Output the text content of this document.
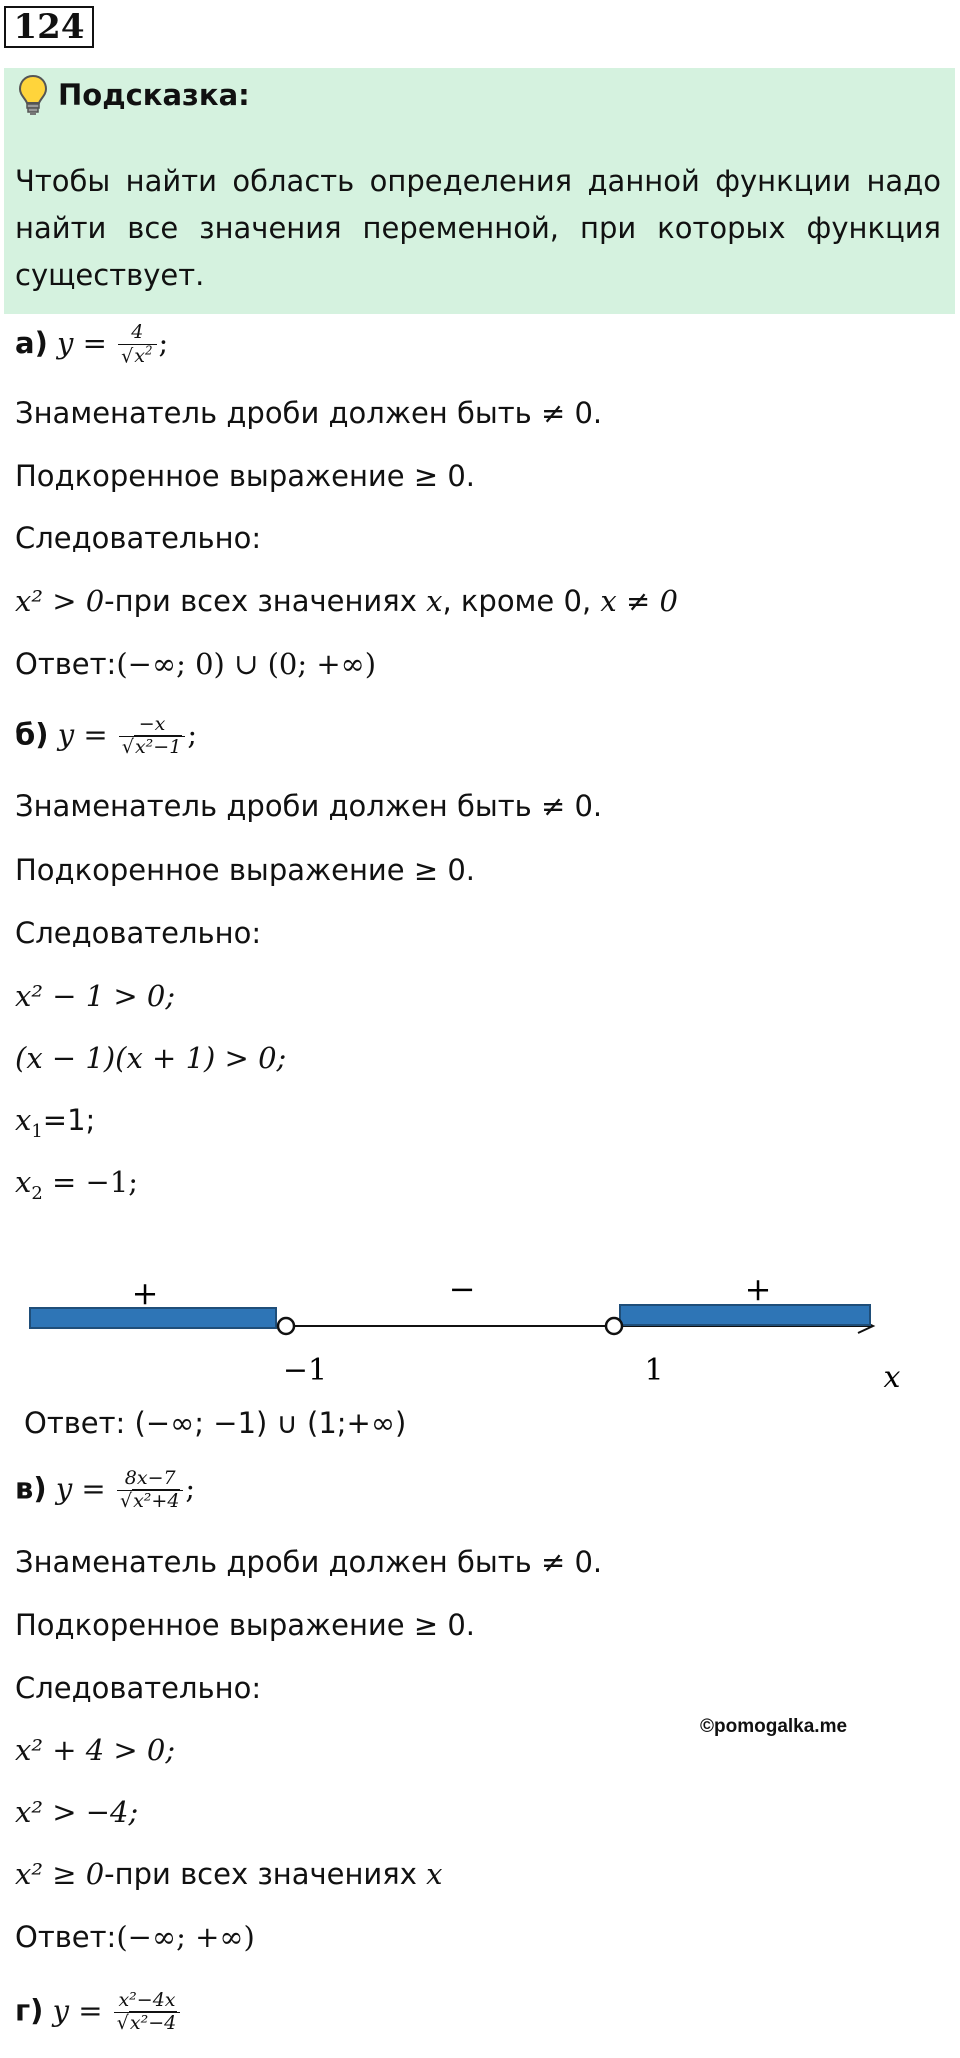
124
Подсказка:
Чтобы найти область определения данной функции надо найти все значения переменной, при которых функция существует.
а) $y = \frac{4}{√x^2}$ ;
Знаменатель дроби должен быть ≠ 0.
Подкоренное выражение ≥ 0.
Следовательно:
x² > 0-при всех значениях x, кроме 0, x ≠ 0
Ответ:(−∞; 0) ∪ (0; +∞)
б) $y = \frac{-x}{\text{√x²−1}}$ ;
Знаменатель дроби должен быть ≠ 0.
Подкоренное выражение ≥ 0.
Следовательно:
x² − 1 > 0;
(x − 1)(x + 1) > 0;
$x_1=1$;
$x_2 = -1$;
+	−	+
−1	1	x
Ответ: (−∞; −1) ∪ (1;+∞)
в) $y = \frac{8x-7}{\text{√x²+4}}$ ;
Знаменатель дроби должен быть ≠ 0.
Подкоренное выражение ≥ 0.
Следовательно:
©pomogalka.me
x² + 4 > 0;
x² > −4;
x² ≥ 0-при всех значениях x
Ответ:(−∞; +∞)
г) $y = \frac{\text{x²−4x}}{\text{√x²−4}}$
